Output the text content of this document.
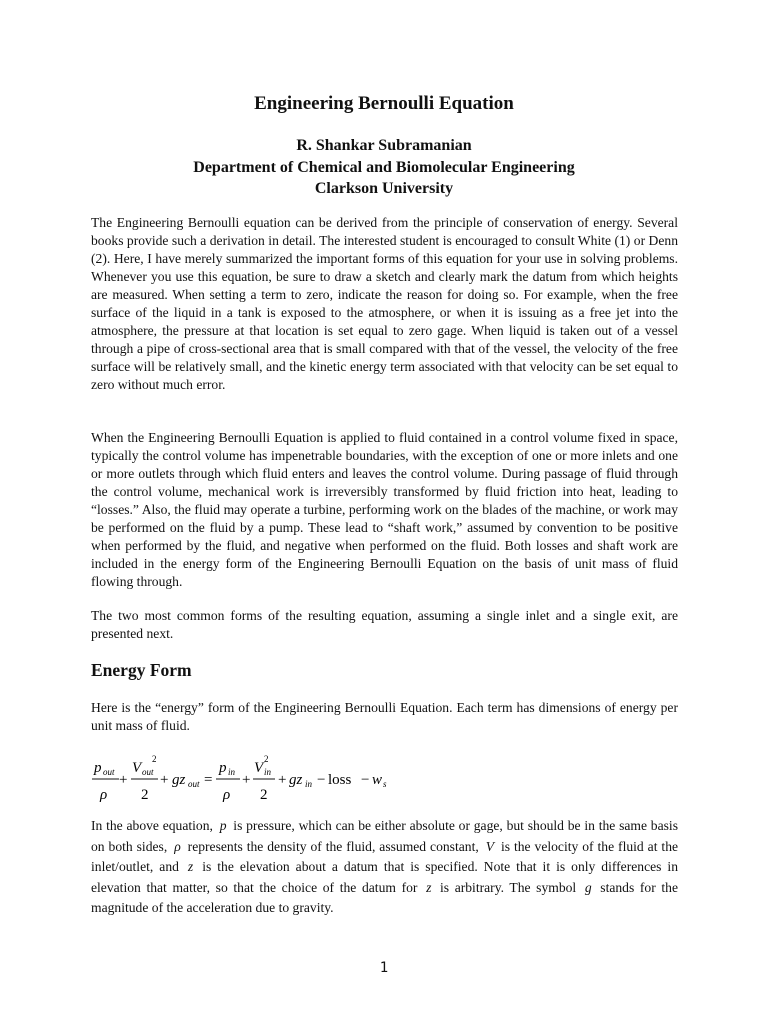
Engineering Bernoulli Equation
R. Shankar Subramanian
Department of Chemical and Biomolecular Engineering
Clarkson University

The Engineering Bernoulli equation can be derived from the principle of conservation of energy. Several books provide such a derivation in detail. The interested student is encouraged to consult White (1) or Denn (2). Here, I have merely summarized the important forms of this equation for your use in solving problems. Whenever you use this equation, be sure to draw a sketch and clearly mark the datum from which heights are measured. When setting a term to zero, indicate the reason for doing so. For example, when the free surface of the liquid in a tank is exposed to the atmosphere, or when it is issuing as a free jet into the atmosphere, the pressure at that location is set equal to zero gage. When liquid is taken out of a vessel through a pipe of cross-sectional area that is small compared with that of the vessel, the velocity of the free surface will be relatively small, and the kinetic energy term associated with that velocity can be set equal to zero without much error.

When the Engineering Bernoulli Equation is applied to fluid contained in a control volume fixed in space, typically the control volume has impenetrable boundaries, with the exception of one or more inlets and one or more outlets through which fluid enters and leaves the control volume. During passage of fluid through the control volume, mechanical work is irreversibly transformed by fluid friction into heat, leading to “losses.” Also, the fluid may operate a turbine, performing work on the blades of the machine, or work may be performed on the fluid by a pump. These lead to “shaft work,” assumed by convention to be positive when performed by the fluid, and negative when performed on the fluid. Both losses and shaft work are included in the energy form of the Engineering Bernoulli Equation on the basis of unit mass of fluid flowing through.

The two most common forms of the resulting equation, assuming a single inlet and a single exit, are presented next.

Energy Form

Here is the “energy” form of the Engineering Bernoulli Equation. Each term has dimensions of energy per unit mass of fluid.

p out
ρ
+
V out
2
2
+ gz out =
p in
ρ
+
V in
2
2
+ gz in − loss − w s

In the above equation, p is pressure, which can be either absolute or gage, but should be in the same basis on both sides, ρ represents the density of the fluid, assumed constant, V is the velocity of the fluid at the inlet/outlet, and z is the elevation about a datum that is specified. Note that it is only differences in elevation that matter, so that the choice of the datum for z is arbitrary. The symbol g stands for the magnitude of the acceleration due to gravity.

1
